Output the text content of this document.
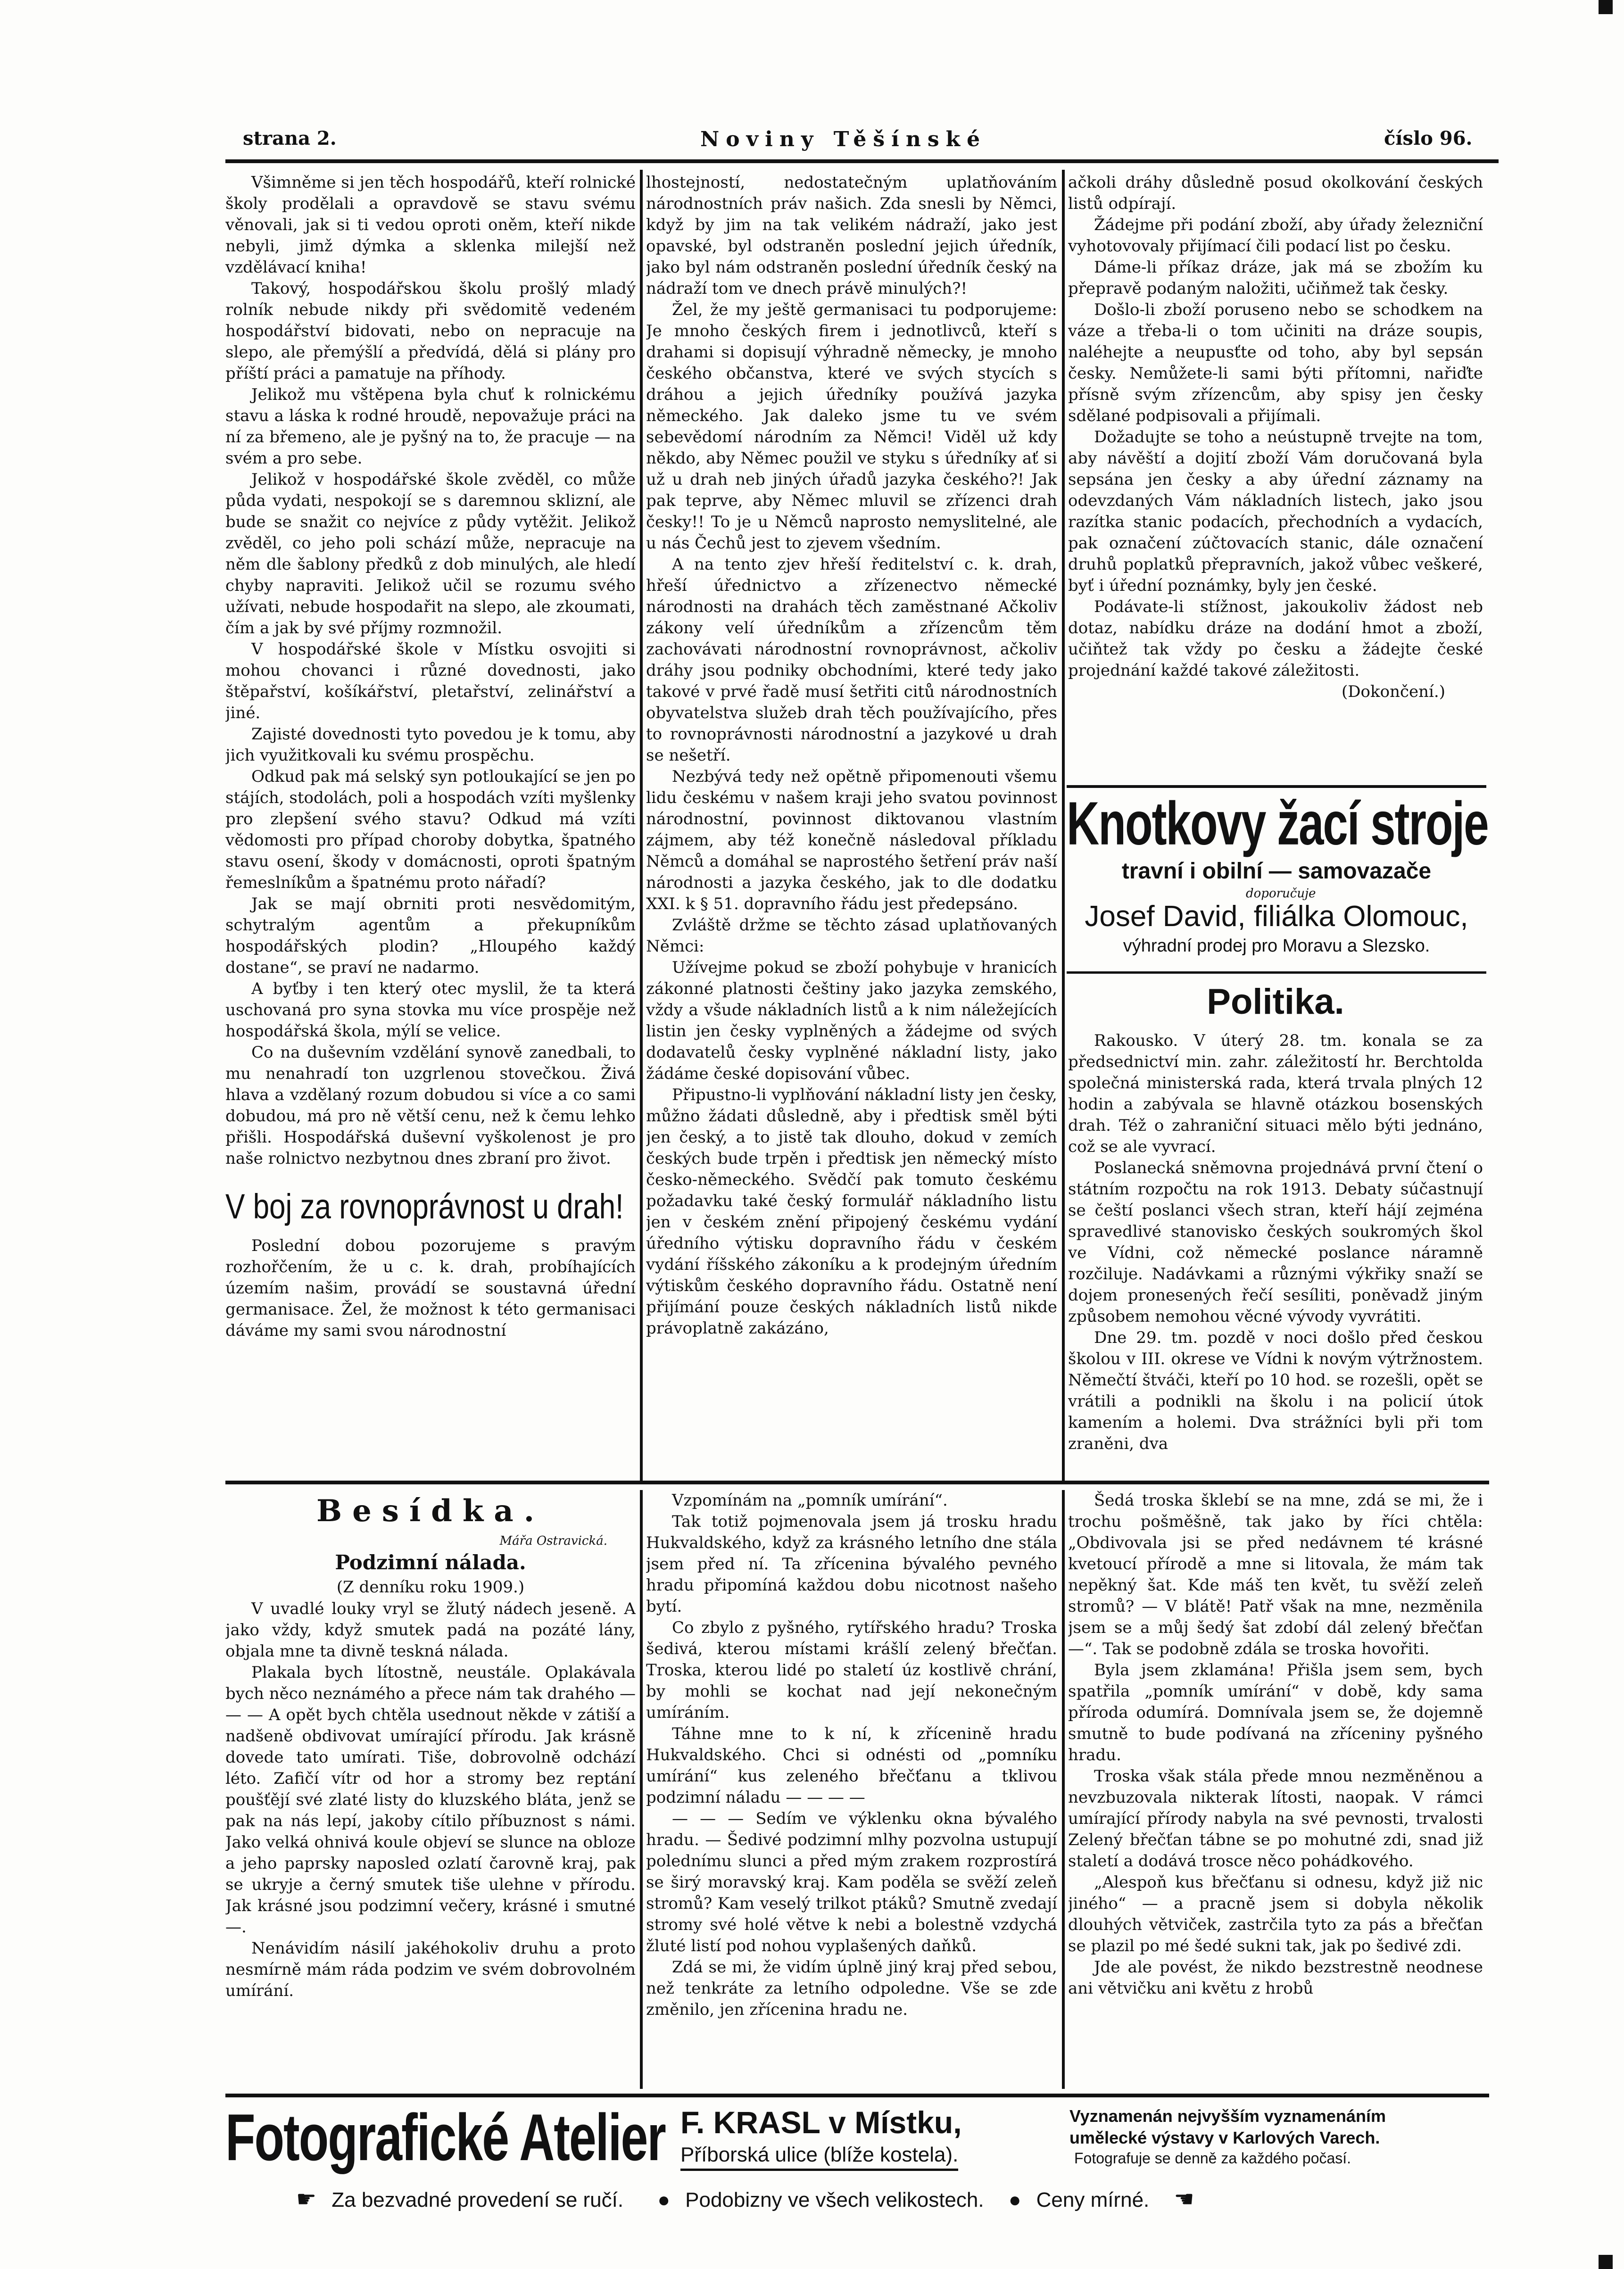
strana 2.	Noviny Těšínské	číslo 96.

Všimněme si jen těch hospodářů, kteří rolnické školy prodělali a opravdově se stavu svému věnovali, jak si ti vedou oproti oněm, kteří nikde nebyli, jimž dýmka a sklenka milejší než vzdělávací kniha!

Takový, hospodářskou školu prošlý mladý rolník nebude nikdy při svědomitě vedeném hospodářství bidovati, nebo on nepracuje na slepo, ale přemýšlí a předvídá, dělá si plány pro příští práci a pamatuje na příhody.

Jelikož mu vštěpena byla chuť k rolnickému stavu a láska k rodné hroudě, nepovažuje práci na ní za břemeno, ale je pyšný na to, že pracuje — na svém a pro sebe.

Jelikož v hospodářské škole zvěděl, co může půda vydati, nespokojí se s daremnou sklizní, ale bude se snažit co nejvíce z půdy vytěžit. Jelikož zvěděl, co jeho poli schází může, nepracuje na něm dle šablony předků z dob minulých, ale hledí chyby napraviti. Jelikož učil se rozumu svého užívati, nebude hospodařit na slepo, ale zkoumati, čím a jak by své příjmy rozmnožil.

V hospodářské škole v Místku osvojiti si mohou chovanci i různé dovednosti, jako štěpařství, košíkářství, pletařství, zelinářství a jiné.

Zajisté dovednosti tyto povedou je k tomu, aby jich využitkovali ku svému prospěchu.

Odkud pak má selský syn potloukající se jen po stájích, stodolách, poli a hospodách vzíti myšlenky pro zlepšení svého stavu? Odkud má vzíti vědomosti pro případ choroby dobytka, špatného stavu osení, škody v domácnosti, oproti špatným řemeslníkům a špatnému proto nářadí?

Jak se mají obrniti proti nesvědomitým, schytralým agentům a překupníkům hospodářských plodin? „Hloupého každý dostane“, se praví ne nadarmo.

A byťby i ten který otec myslil, že ta která uschovaná pro syna stovka mu více prospěje než hospodářská škola, mýlí se velice.

Co na duševním vzdělání synově zanedbali, to mu nenahradí ton uzgrlenou stovečkou. Živá hlava a vzdělaný rozum dobudou si více a co sami dobudou, má pro ně větší cenu, než k čemu lehko přišli. Hospodářská duševní vyškolenost je pro naše rolnictvo nezbytnou dnes zbraní pro život.

V boj za rovnoprávnost u drah!

Poslední dobou pozorujeme s pravým rozhořčením, že u c. k. drah, probíhajících územím našim, provádí se soustavná úřední germanisace. Žel, že možnost k této germanisaci dáváme my sami svou národnostní

lhostejností, nedostatečným uplatňováním národnostních práv našich. Zda snesli by Němci, když by jim na tak velikém nádraží, jako jest opavské, byl odstraněn poslední jejich úředník, jako byl nám odstraněn poslední úředník český na nádraží tom ve dnech právě minulých?!

Žel, že my ještě germanisaci tu podporujeme: Je mnoho českých firem i jednotlivců, kteří s drahami si dopisují výhradně německy, je mnoho českého občanstva, které ve svých stycích s dráhou a jejich úředníky používá jazyka německého. Jak daleko jsme tu ve svém sebevědomí národním za Němci! Viděl už kdy někdo, aby Němec použil ve styku s úředníky ať si už u drah neb jiných úřadů jazyka českého?! Jak pak teprve, aby Němec mluvil se zřízenci drah česky!! To je u Němců naprosto nemyslitelné, ale u nás Čechů jest to zjevem všedním.

A na tento zjev hřeší ředitelství c. k. drah, hřeší úřednictvo a zřízenectvo německé národnosti na drahách těch zaměstnané Ačkoliv zákony velí úředníkům a zřízencům těm zachovávati národnostní rovnoprávnost, ačkoliv dráhy jsou podniky obchodními, které tedy jako takové v prvé řadě musí šetřiti citů národnostních obyvatelstva služeb drah těch používajícího, přes to rovnoprávnosti národnostní a jazykové u drah se nešetří.

Nezbývá tedy než opětně připomenouti všemu lidu českému v našem kraji jeho svatou povinnost národnostní, povinnost diktovanou vlastním zájmem, aby též konečně následoval příkladu Němců a domáhal se naprostého šetření práv naší národnosti a jazyka českého, jak to dle dodatku XXI. k § 51. dopravního řádu jest předepsáno.

Zvláště držme se těchto zásad uplatňovaných Němci:

Užívejme pokud se zboží pohybuje v hranicích zákonné platnosti češtiny jako jazyka zemského, vždy a všude nákladních listů a k nim náležejících listin jen česky vyplněných a žádejme od svých dodavatelů česky vyplněné nákladní listy, jako žádáme české dopisování vůbec.

Připustno-li vyplňování nákladní listy jen česky, můžno žádati důsledně, aby i předtisk směl býti jen český, a to jistě tak dlouho, dokud v zemích českých bude trpěn i předtisk jen německý místo česko-německého. Svědčí pak tomuto českému požadavku také český formulář nákladního listu jen v českém znění připojený českému vydání úředního výtisku dopravního řádu v českém vydání říšského zákoníku a k prodejným úředním výtiskům českého dopravního řádu. Ostatně není přijímání pouze českých nákladních listů nikde právoplatně zakázáno,

ačkoli dráhy důsledně posud okolkování českých listů odpírají.

Žádejme při podání zboží, aby úřady železniční vyhotovovaly přijímací čili podací list po česku.

Dáme-li příkaz dráze, jak má se zbožím ku přepravě podaným naložiti, učiňmež tak česky.

Došlo-li zboží poruseno nebo se schodkem na váze a třeba-li o tom učiniti na dráze soupis, naléhejte a neupusťte od toho, aby byl sepsán česky. Nemůžete-li sami býti přítomni, nařiďte přísně svým zřízencům, aby spisy jen česky sdělané podpisovali a přijímali.

Dožadujte se toho a neústupně trvejte na tom, aby návěští a dojití zboží Vám doručovaná byla sepsána jen česky a aby úřední záznamy na odevzdaných Vám nákladních listech, jako jsou razítka stanic podacích, přechodních a vydacích, pak označení zúčtovacích stanic, dále označení druhů poplatků přepravních, jakož vůbec veškeré, byť i úřední poznámky, byly jen české.

Podávate-li stížnost, jakoukoliv žádost neb dotaz, nabídku dráze na dodání hmot a zboží, učiňtež tak vždy po česku a žádejte české projednání každé takové záležitosti.

(Dokončení.)
Knotkovy žací stroje
travní i obilní — samovazače
doporučuje
Josef David, filiálka Olomouc,
výhradní prodej pro Moravu a Slezsko.
Politika.

Rakousko. V úterý 28. tm. konala se za předsednictví min. zahr. záležitostí hr. Berchtolda společná ministerská rada, která trvala plných 12 hodin a zabývala se hlavně otázkou bosenských drah. Též o zahraniční situaci mělo býti jednáno, což se ale vyvrací.

Poslanecká sněmovna projednává první čtení o státním rozpočtu na rok 1913. Debaty súčastnují se čeští poslanci všech stran, kteří hájí zejména spravedlivé stanovisko českých soukromých škol ve Vídni, což německé poslance náramně rozčiluje. Nadávkami a různými výkřiky snaží se dojem pronesených řečí sesíliti, poněvadž jiným způsobem nemohou věcné vývody vyvrátiti.

Dne 29. tm. pozdě v noci došlo před českou školou v III. okrese ve Vídni k novým výtržnostem. Němečtí štváči, kteří po 10 hod. se rozešli, opět se vrátili a podnikli na školu i na policií útok kamením a holemi. Dva strážníci byli při tom zraněni, dva

Besídka.
Mářa Ostravická.
Podzimní nálada.
(Z denníku roku 1909.)

V uvadlé louky vryl se žlutý nádech jeseně. A jako vždy, když smutek padá na pozáté lány, objala mne ta divně teskná nálada.

Plakala bych lítostně, neustále. Oplakávala bych něco neznámého a přece nám tak drahého — — — A opět bych chtěla usednout někde v zátiší a nadšeně obdivovat umírající přírodu. Jak krásně dovede tato umírati. Tiše, dobrovolně odchází léto. Zafičí vítr od hor a stromy bez reptání poušťějí své zlaté listy do kluzského bláta, jenž se pak na nás lepí, jakoby cítilo příbuznost s námi. Jako velká ohnivá koule objeví se slunce na obloze a jeho paprsky naposled ozlatí čarovně kraj, pak se ukryje a černý smutek tiše ulehne v přírodu. Jak krásné jsou podzimní večery, krásné i smutné —.

Nenávidím násilí jakéhokoliv druhu a proto nesmírně mám ráda podzim ve svém dobrovolném umírání.

Vzpomínám na „pomník umírání“.

Tak totiž pojmenovala jsem já trosku hradu Hukvaldského, když za krásného letního dne stála jsem před ní. Ta zřícenina bývalého pevného hradu připomíná každou dobu nicotnost našeho bytí.

Co zbylo z pyšného, rytířského hradu? Troska šedivá, kterou místami krášlí zelený břečťan. Troska, kterou lidé po staletí úz kostlivě chrání, by mohli se kochat nad její nekonečným umíráním.

Táhne mne to k ní, k zřícenině hradu Hukvaldského. Chci si odnésti od „pomníku umírání“ kus zeleného břečťanu a tklivou podzimní náladu — — — —

— — — Sedím ve výklenku okna bývalého hradu. — Šedivé podzimní mlhy pozvolna ustupují polednímu slunci a před mým zrakem rozprostírá se širý moravský kraj. Kam poděla se svěží zeleň stromů? Kam veselý trilkot ptáků? Smutně zvedají stromy své holé větve k nebi a bolestně vzdychá žluté listí pod nohou vyplašených daňků.

Zdá se mi, že vidím úplně jiný kraj před sebou, než tenkráte za letního odpoledne. Vše se zde změnilo, jen zřícenina hradu ne.

Šedá troska šklebí se na mne, zdá se mi, že i trochu pošměšně, tak jako by říci chtěla: „Obdivovala jsi se před nedávnem té krásné kvetoucí přírodě a mne si litovala, že mám tak nepěkný šat. Kde máš ten květ, tu svěží zeleň stromů? — V blátě! Patř však na mne, nezměnila jsem se a můj šedý šat zdobí dál zelený břečťan —“. Tak se podobně zdála se troska hovořiti.

Byla jsem zklamána! Přišla jsem sem, bych spatřila „pomník umírání“ v době, kdy sama příroda odumírá. Domnívala jsem se, že dojemně smutně to bude podívaná na zříceniny pyšného hradu.

Troska však stála přede mnou nezměněnou a nevzbuzovala nikterak lítosti, naopak. V rámci umírající přírody nabyla na své pevnosti, trvalosti Zelený břečťan tábne se po mohutné zdi, snad již staletí a dodává trosce něco pohádkového.

„Alespoň kus břečťanu si odnesu, když již nic jiného“ — a pracně jsem si dobyla několik dlouhých větviček, zastrčila tyto za pás a břečťan se plazil po mé šedé sukni tak, jak po šedivé zdi.

Jde ale povést, že nikdo bezstrestně neodnese ani větvičku ani květu z hrobů

Fotografické Atelier F. KRASL v Místku,
Příborská ulice (blíže kostela).
Vyznamenán nejvyšším vyznamenáním
umělecké výstavy v Karlových Varech.
Fotografuje se denně za každého počasí.
☛ Za bezvadné provedení se ručí. ● Podobizny ve všech velikostech. ● Ceny mírné. ☚
